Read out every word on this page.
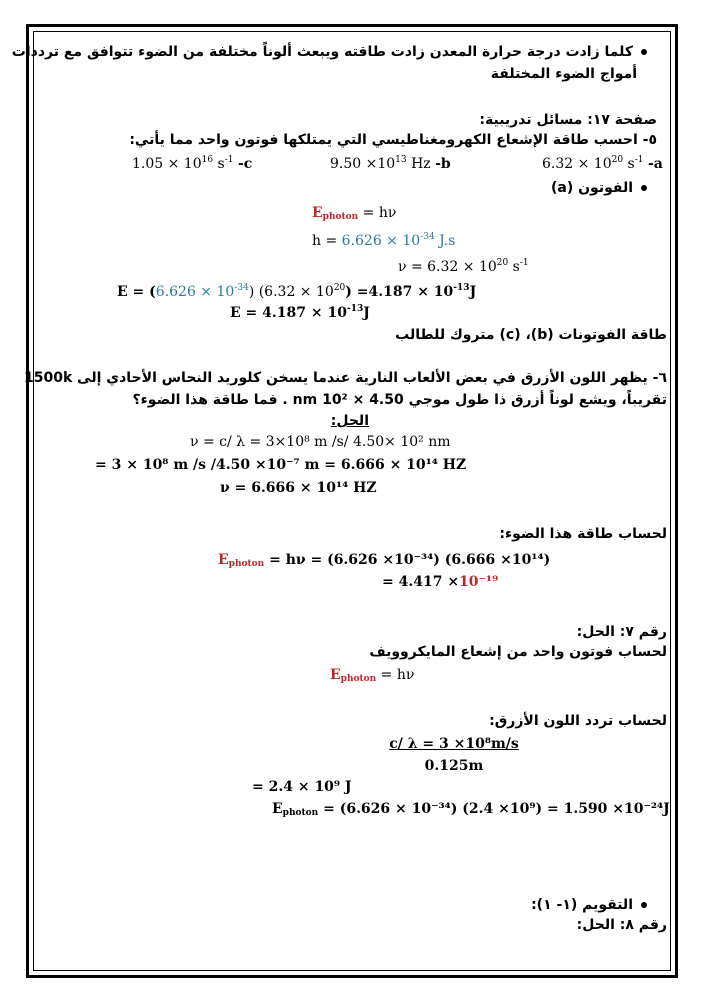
كلما زادت درجة حرارة المعدن زادت طاقته ويبعث ألوناً مختلفة من الضوء تتوافق مع ترددات
أمواج الضوء المختلفة
صفحة ١٧: مسائل تدريبية:
٥- احسب طاقة الإشعاع الكهرومغناطيسي التي يمتلكها فوتون واحد مما يأتي:
$1.05 \times 10^{16}$ $s^{-1}$ -c	$9.50 \times 10^{13}$ Hz -b	$6.32 \times 10^{20}$ $s^{-1}$ -a
الفوتون (a)
$E_{photon} = h\nu$
$h = 6.626 \times 10^{-34}$ J.s
$\nu = 6.32 \times 10^{20}$ $s^{-1}$
$E = (6.626 \times 10^{-34})$ $(6.32 \times 10^{20}) =4.187 \times 10^{-13}J$
$E = 4.187 \times 10^{-13}J$
طاقة الفوتونات (b)، (c) متروك للطالب
٦- يظهر اللون الأزرق في بعض الألعاب النارية عندما يسخن كلوريد النحاس الأحادي إلى 1500k
تقريباً، ويشع لوناً أزرق ذا طول موجي 4.50 × 10² nm . فما طاقة هذا الضوء؟
الحل:
ν = c/ λ = 3×10⁸ m /s/ 4.50× 10² nm
= 3 × 10⁸ m /s /4.50 ×10⁻⁷ m = 6.666 × 10¹⁴ HZ
ν = 6.666 × 10¹⁴ HZ
لحساب طاقة هذا الضوء:
$E_{photon} = h\nu = (6.626 \times 10^{-34})$ (6.666 ×10¹⁴)
= 4.417 ×10⁻¹⁹
رقم ٧: الحل:
لحساب فوتون واحد من إشعاع المايكروويف
$E_{photon} = h\nu$
لحساب تردد اللون الأزرق:
c/ λ = 3 ×10⁸m/s
0.125m
= 2.4 × 10⁹ J
$E_{photon} = (6.626 \times 10^{-34})$ (2.4 ×10⁹) = 1.590 ×10⁻²⁴J
التقويم (١- ١):
رقم ٨: الحل:
